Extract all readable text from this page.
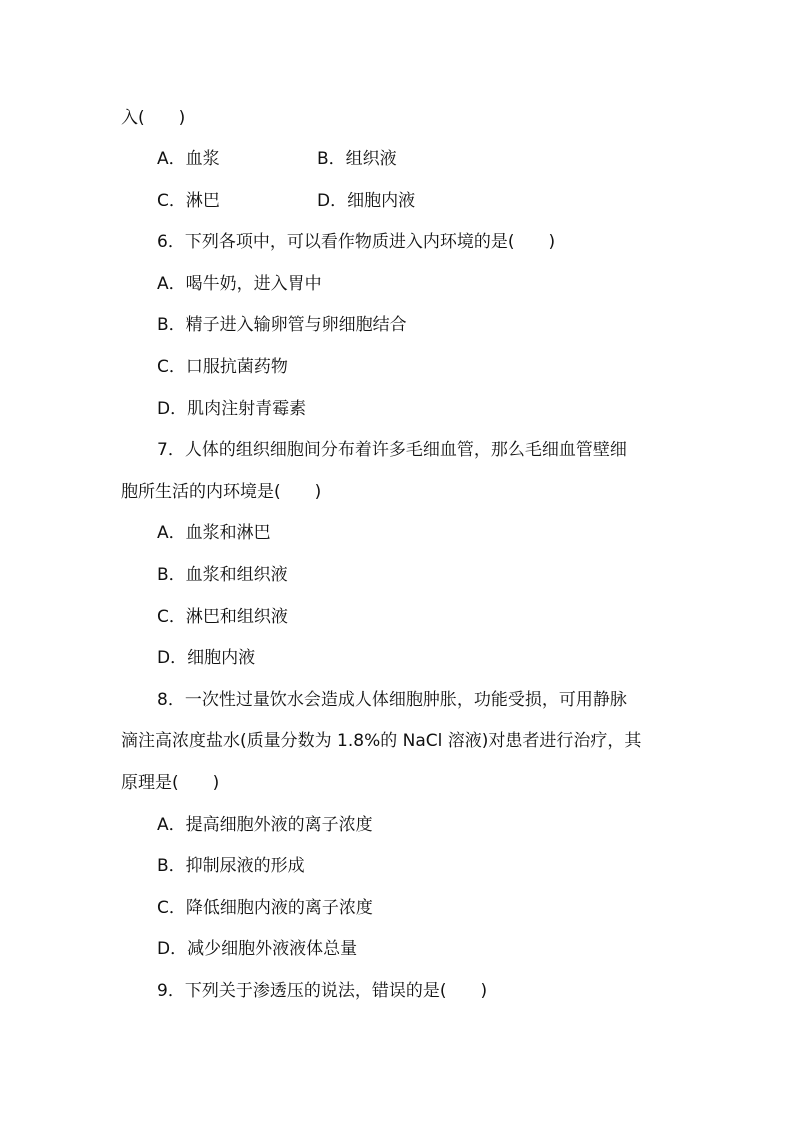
入(　　)
A．血浆	B．组织液
C．淋巴	D．细胞内液
6．下列各项中，可以看作物质进入内环境的是(　　)
A．喝牛奶，进入胃中
B．精子进入输卵管与卵细胞结合
C．口服抗菌药物
D．肌肉注射青霉素
7．人体的组织细胞间分布着许多毛细血管，那么毛细血管壁细
胞所生活的内环境是(　　)
A．血浆和淋巴
B．血浆和组织液
C．淋巴和组织液
D．细胞内液
8．一次性过量饮水会造成人体细胞肿胀，功能受损，可用静脉
滴注高浓度盐水(质量分数为 1.8%的 NaCl 溶液)对患者进行治疗，其
原理是(　　)
A．提高细胞外液的离子浓度
B．抑制尿液的形成
C．降低细胞内液的离子浓度
D．减少细胞外液液体总量
9．下列关于渗透压的说法，错误的是(　　)
